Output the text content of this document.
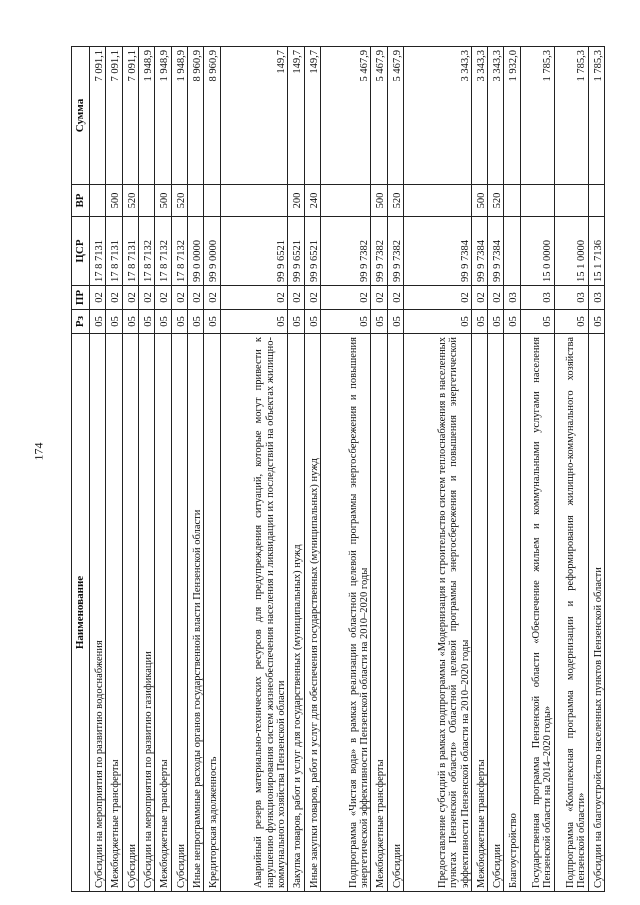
174
Наименование	Рз	ПР	ЦСР	ВР	Сумма
Субсидии на мероприятия по развитию водоснабжения	05	02	17 8 7131		7 091,1
Межбюджетные трансферты	05	02	17 8 7131	500	7 091,1
Субсидии	05	02	17 8 7131	520	7 091,1
Субсидии на мероприятия по развитию газификации	05	02	17 8 7132		1 948,9
Межбюджетные трансферты	05	02	17 8 7132	500	1 948,9
Субсидии	05	02	17 8 7132	520	1 948,9
Иные непрограммные расходы органов государственной власти Пензенской области	05	02	99 0 0000		8 960,9
Кредиторская задолженность	05	02	99 9 0000		8 960,9
Аварийный резерв материально-технических ресурсов для предупреждения ситуаций, которые могут привести к нарушению функционирования систем жизнеобеспечения населения и ликвидации их последствий на объектах жилищно-коммунального хозяйства Пензенской области	05	02	99 9 6521		149,7
Закупка товаров, работ и услуг для государственных (муниципальных) нужд	05	02	99 9 6521	200	149,7
Иные закупки товаров, работ и услуг для обеспечения государственных (муниципальных) нужд	05	02	99 9 6521	240	149,7
Подпрограмма «Чистая вода» в рамках реализации областной целевой программы энергосбережения и повышения энергетической эффективности Пензенской области на 2010–2020 годы	05	02	99 9 7382		5 467,9
Межбюджетные трансферты	05	02	99 9 7382	500	5 467,9
Субсидии	05	02	99 9 7382	520	5 467,9
Предоставление субсидий в рамках подпрограммы «Модернизация и строительство систем теплоснабжения в населенных пунктах Пензенской области» Областной целевой программы энергосбережения и повышения энергетической эффективности Пензенской области на 2010–2020 годы	05	02	99 9 7384		3 343,3
Межбюджетные трансферты	05	02	99 9 7384	500	3 343,3
Субсидии	05	02	99 9 7384	520	3 343,3
Благоустройство	05	03			1 932,0
Государственная программа Пензенской области «Обеспечение жильем и коммунальными услугами населения Пензенской области на 2014–2020 годы»	05	03	15 0 0000		1 785,3
Подпрограмма «Комплексная программа модернизации и реформирования жилищно-коммунального хозяйства Пензенской области»	05	03	15 1 0000		1 785,3
Субсидии на благоустройство населенных пунктов Пензенской области	05	03	15 1 7136		1 785,3
